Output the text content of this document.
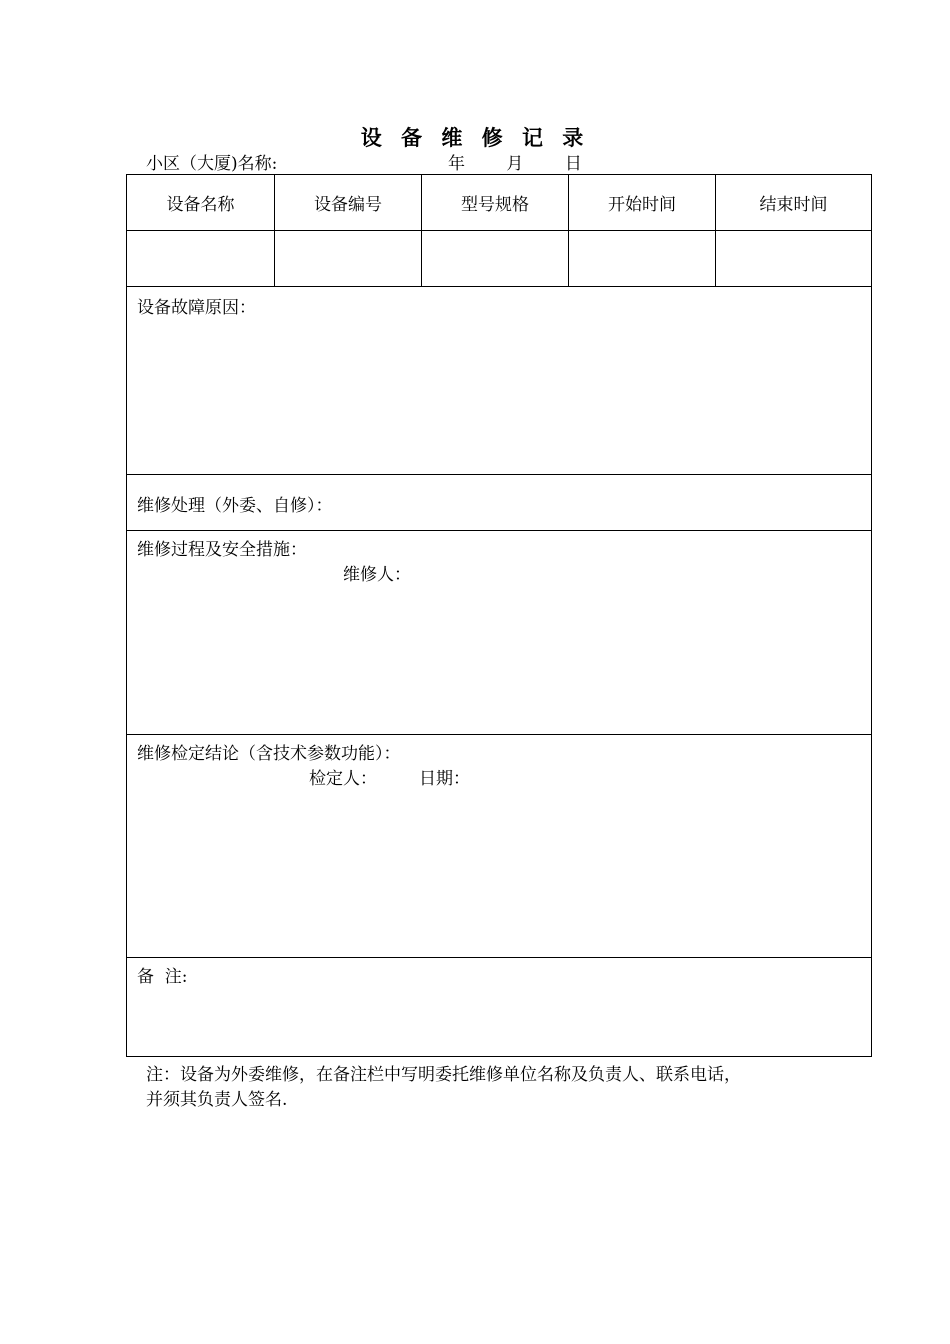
设 备 维 修 记 录
小区（大厦)名称:	年 月 日
设备名称	设备编号	型号规格	开始时间	结束时间
设备故障原因：
维修处理（外委、自修）：
维修过程及安全措施：
维修人：
维修检定结论（含技术参数功能）：
检定人： 日期：
备  注:
注：设备为外委维修，在备注栏中写明委托维修单位名称及负责人、联系电话，
并须其负责人签名.
